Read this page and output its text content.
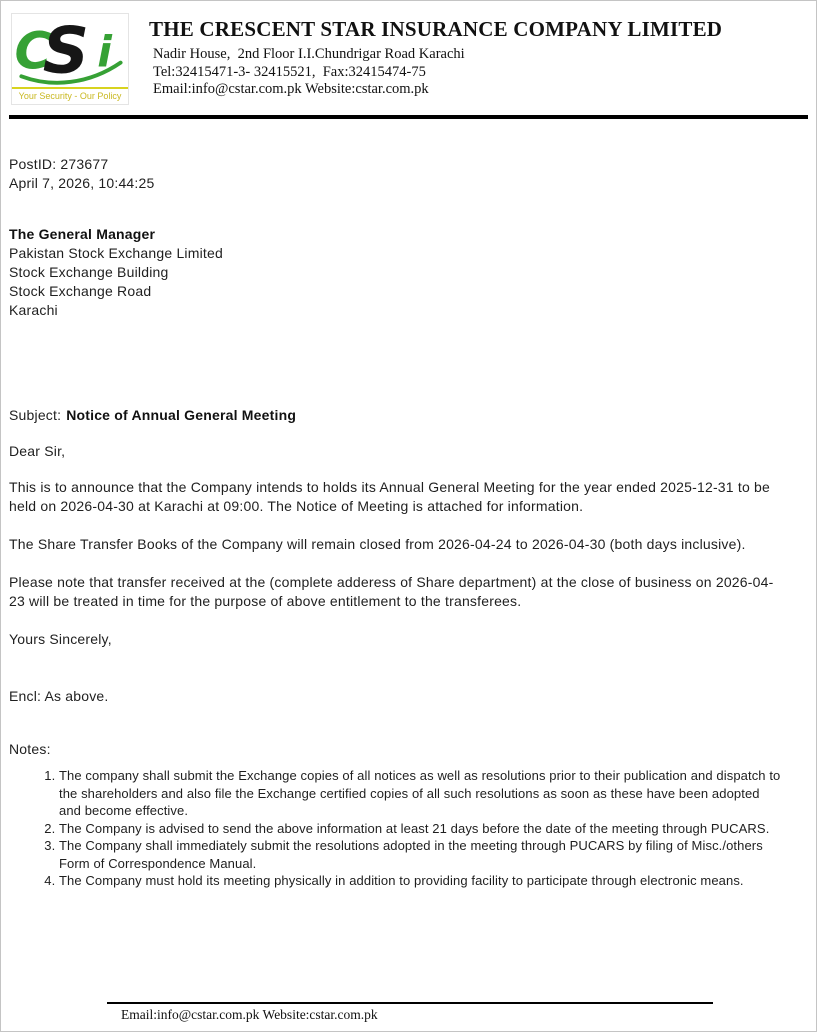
C
S i
Your Security - Our Policy
THE CRESCENT STAR INSURANCE COMPANY LIMITED
Nadir House,  2nd Floor I.I.Chundrigar Road Karachi
Tel:32415471-3- 32415521,  Fax:32415474-75
Email:info@cstar.com.pk Website:cstar.com.pk
PostID: 273677
April 7, 2026, 10:44:25
The General Manager
Pakistan Stock Exchange Limited
Stock Exchange Building
Stock Exchange Road
Karachi
Subject: Notice of Annual General Meeting
Dear Sir,

This is to announce that the Company intends to holds its Annual General Meeting for the year ended 2025-12-31 to be held on 2026-04-30 at Karachi at 09:00. The Notice of Meeting is attached for information.

The Share Transfer Books of the Company will remain closed from 2026-04-24 to 2026-04-30 (both days inclusive).

Please note that transfer received at the (complete adderess of Share department) at the close of business on 2026-04-23 will be treated in time for the purpose of above entitlement to the transferees.

Yours Sincerely,
Encl: As above.
Notes:
1. The company shall submit the Exchange copies of all notices as well as resolutions prior to their publication and dispatch to the shareholders and also file the Exchange certified copies of all such resolutions as soon as these have been adopted and become effective.
2. The Company is advised to send the above information at least 21 days before the date of the meeting through PUCARS.
3. The Company shall immediately submit the resolutions adopted in the meeting through PUCARS by filing of Misc./others Form of Correspondence Manual.
4. The Company must hold its meeting physically in addition to providing facility to participate through electronic means.
Email:info@cstar.com.pk Website:cstar.com.pk
